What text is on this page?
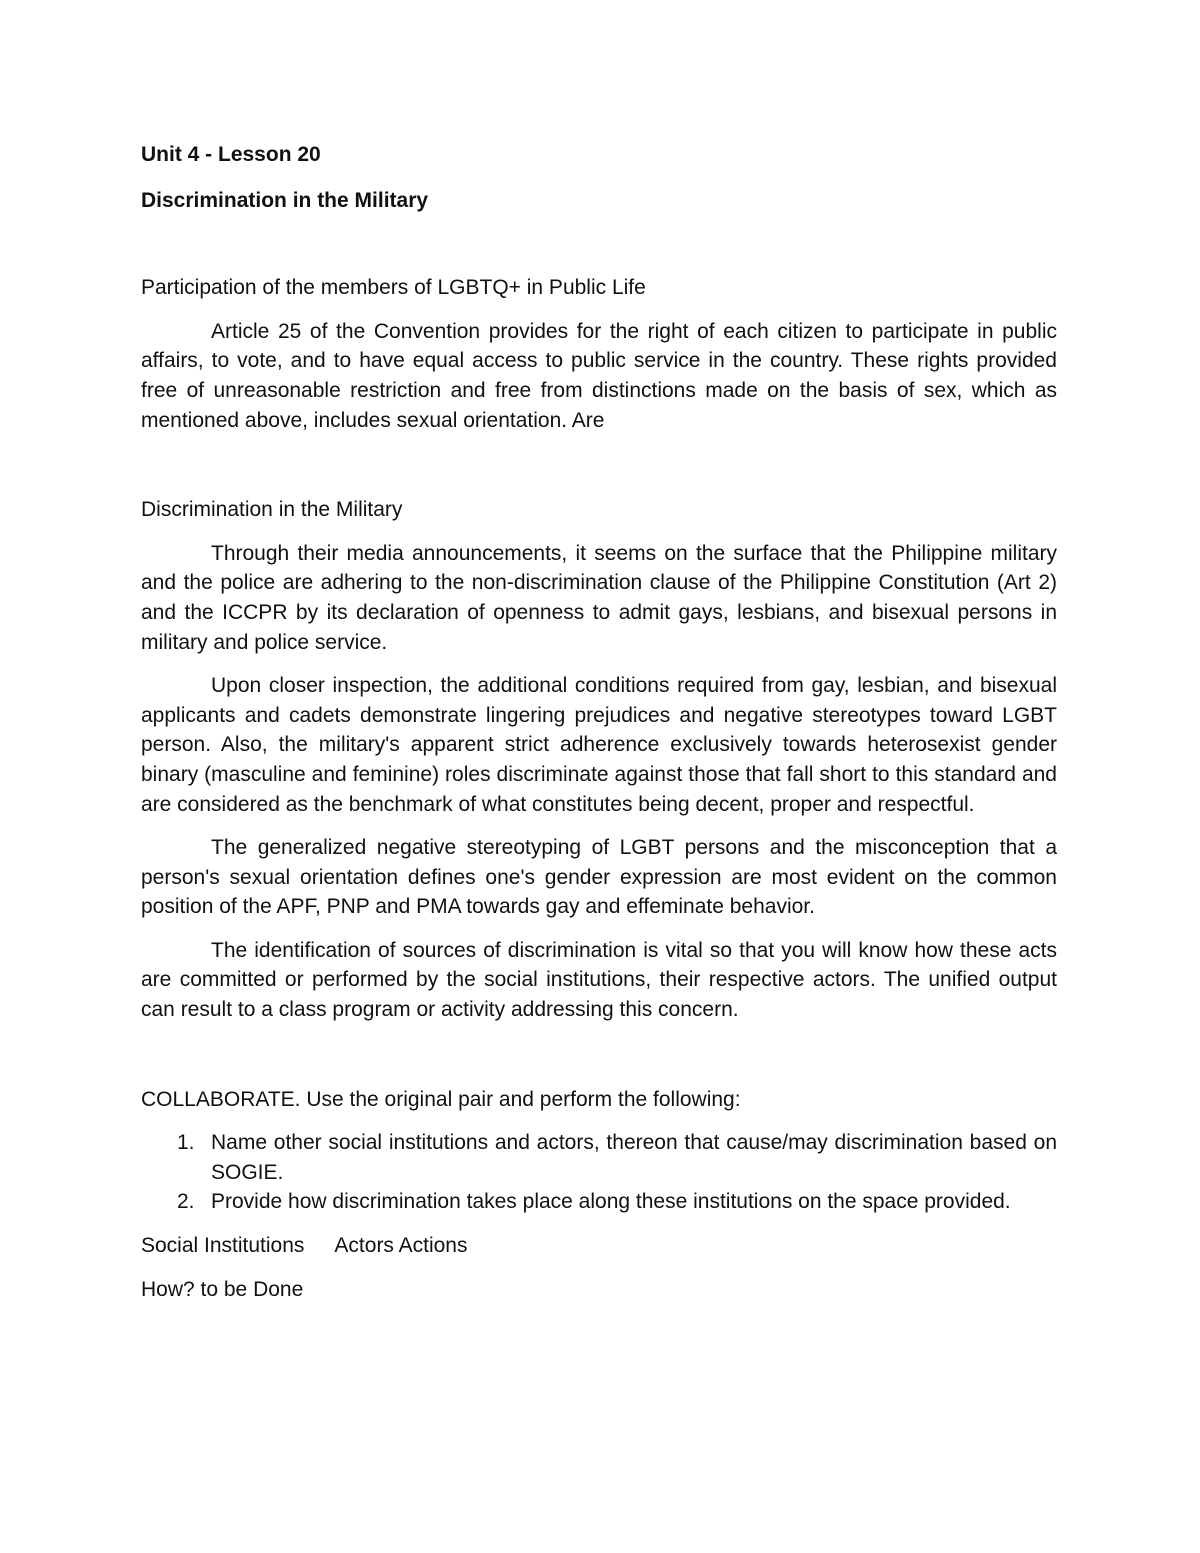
Unit 4 - Lesson 20

Discrimination in the Military

Participation of the members of LGBTQ+ in Public Life

Article 25 of the Convention provides for the right of each citizen to participate in public affairs, to vote, and to have equal access to public service in the country. These rights provided free of unreasonable restriction and free from distinctions made on the basis of sex, which as mentioned above, includes sexual orientation. Are

Discrimination in the Military

Through their media announcements, it seems on the surface that the Philippine military and the police are adhering to the non-discrimination clause of the Philippine Constitution (Art 2) and the ICCPR by its declaration of openness to admit gays, lesbians, and bisexual persons in military and police service.

Upon closer inspection, the additional conditions required from gay, lesbian, and bisexual applicants and cadets demonstrate lingering prejudices and negative stereotypes toward LGBT person. Also, the military's apparent strict adherence exclusively towards heterosexist gender binary (masculine and feminine) roles discriminate against those that fall short to this standard and are considered as the benchmark of what constitutes being decent, proper and respectful.

The generalized negative stereotyping of LGBT persons and the misconception that a person's sexual orientation defines one's gender expression are most evident on the common position of the APF, PNP and PMA towards gay and effeminate behavior.

The identification of sources of discrimination is vital so that you will know how these acts are committed or performed by the social institutions, their respective actors. The unified output can result to a class program or activity addressing this concern.

COLLABORATE. Use the original pair and perform the following:

1. Name other social institutions and actors, thereon that cause/may discrimination based on SOGIE.
2. Provide how discrimination takes place along these institutions on the space provided.

Social Institutions Actors Actions

How? to be Done
